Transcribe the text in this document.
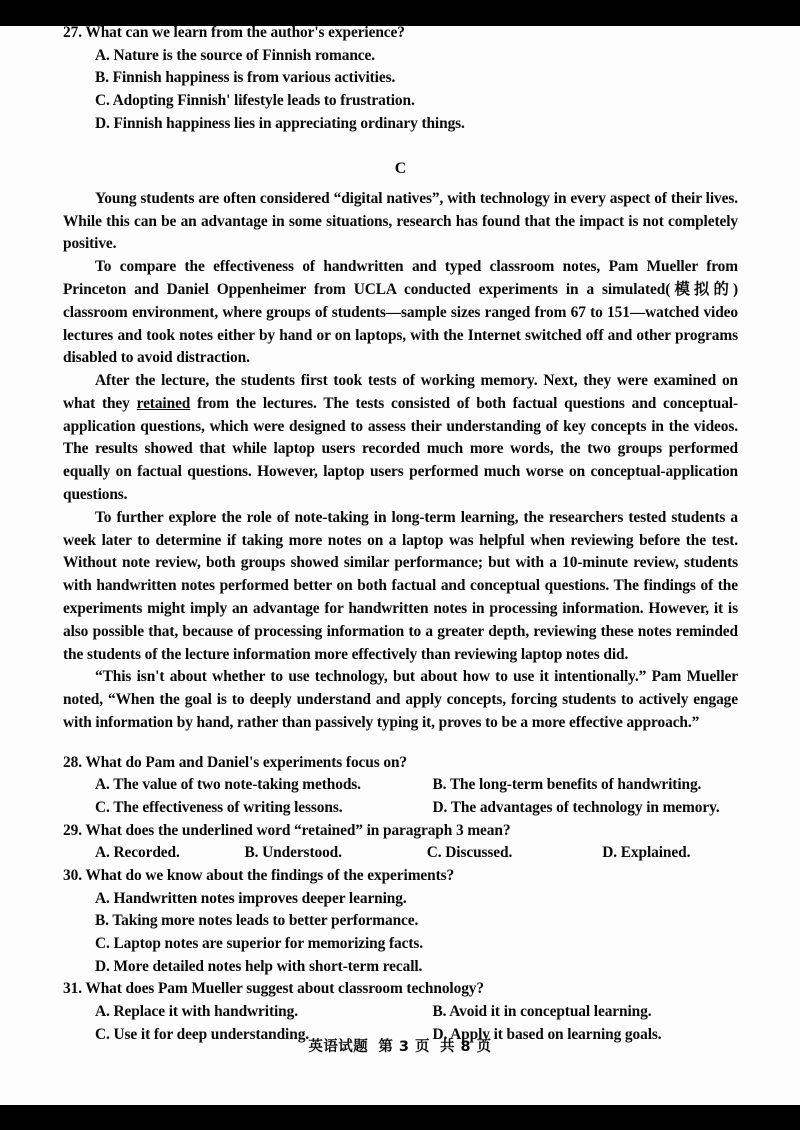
27. What can we learn from the author's experience?
A. Nature is the source of Finnish romance.
B. Finnish happiness is from various activities.
C. Adopting Finnish' lifestyle leads to frustration.
D. Finnish happiness lies in appreciating ordinary things.
C

Young students are often considered “digital natives”, with technology in every aspect of their lives. While this can be an advantage in some situations, research has found that the impact is not completely positive.

To compare the effectiveness of handwritten and typed classroom notes, Pam Mueller from Princeton and Daniel Oppenheimer from UCLA conducted experiments in a simulated(模拟的) classroom environment, where groups of students—sample sizes ranged from 67 to 151—watched video lectures and took notes either by hand or on laptops, with the Internet switched off and other programs disabled to avoid distraction.

After the lecture, the students first took tests of working memory. Next, they were examined on what they retained from the lectures. The tests consisted of both factual questions and conceptual-application questions, which were designed to assess their understanding of key concepts in the videos. The results showed that while laptop users recorded much more words, the two groups performed equally on factual questions. However, laptop users performed much worse on conceptual-application questions.

To further explore the role of note-taking in long-term learning, the researchers tested students a week later to determine if taking more notes on a laptop was helpful when reviewing before the test. Without note review, both groups showed similar performance; but with a 10-minute review, students with handwritten notes performed better on both factual and conceptual questions. The findings of the experiments might imply an advantage for handwritten notes in processing information. However, it is also possible that, because of processing information to a greater depth, reviewing these notes reminded the students of the lecture information more effectively than reviewing laptop notes did.

“This isn't about whether to use technology, but about how to use it intentionally.” Pam Mueller noted, “When the goal is to deeply understand and apply concepts, forcing students to actively engage with information by hand, rather than passively typing it, proves to be a more effective approach.”

28. What do Pam and Daniel's experiments focus on?
A. The value of two note-taking methods.	B. The long-term benefits of handwriting.
C. The effectiveness of writing lessons.	D. The advantages of technology in memory.
29. What does the underlined word “retained” in paragraph 3 mean?
A. Recorded.	B. Understood.	C. Discussed.	D. Explained.
30. What do we know about the findings of the experiments?
A. Handwritten notes improves deeper learning.
B. Taking more notes leads to better performance.
C. Laptop notes are superior for memorizing facts.
D. More detailed notes help with short-term recall.
31. What does Pam Mueller suggest about classroom technology?
A. Replace it with handwriting.	B. Avoid it in conceptual learning.
C. Use it for deep understanding.	D. Apply it based on learning goals.
英语试题 第 3 页 共 8 页
